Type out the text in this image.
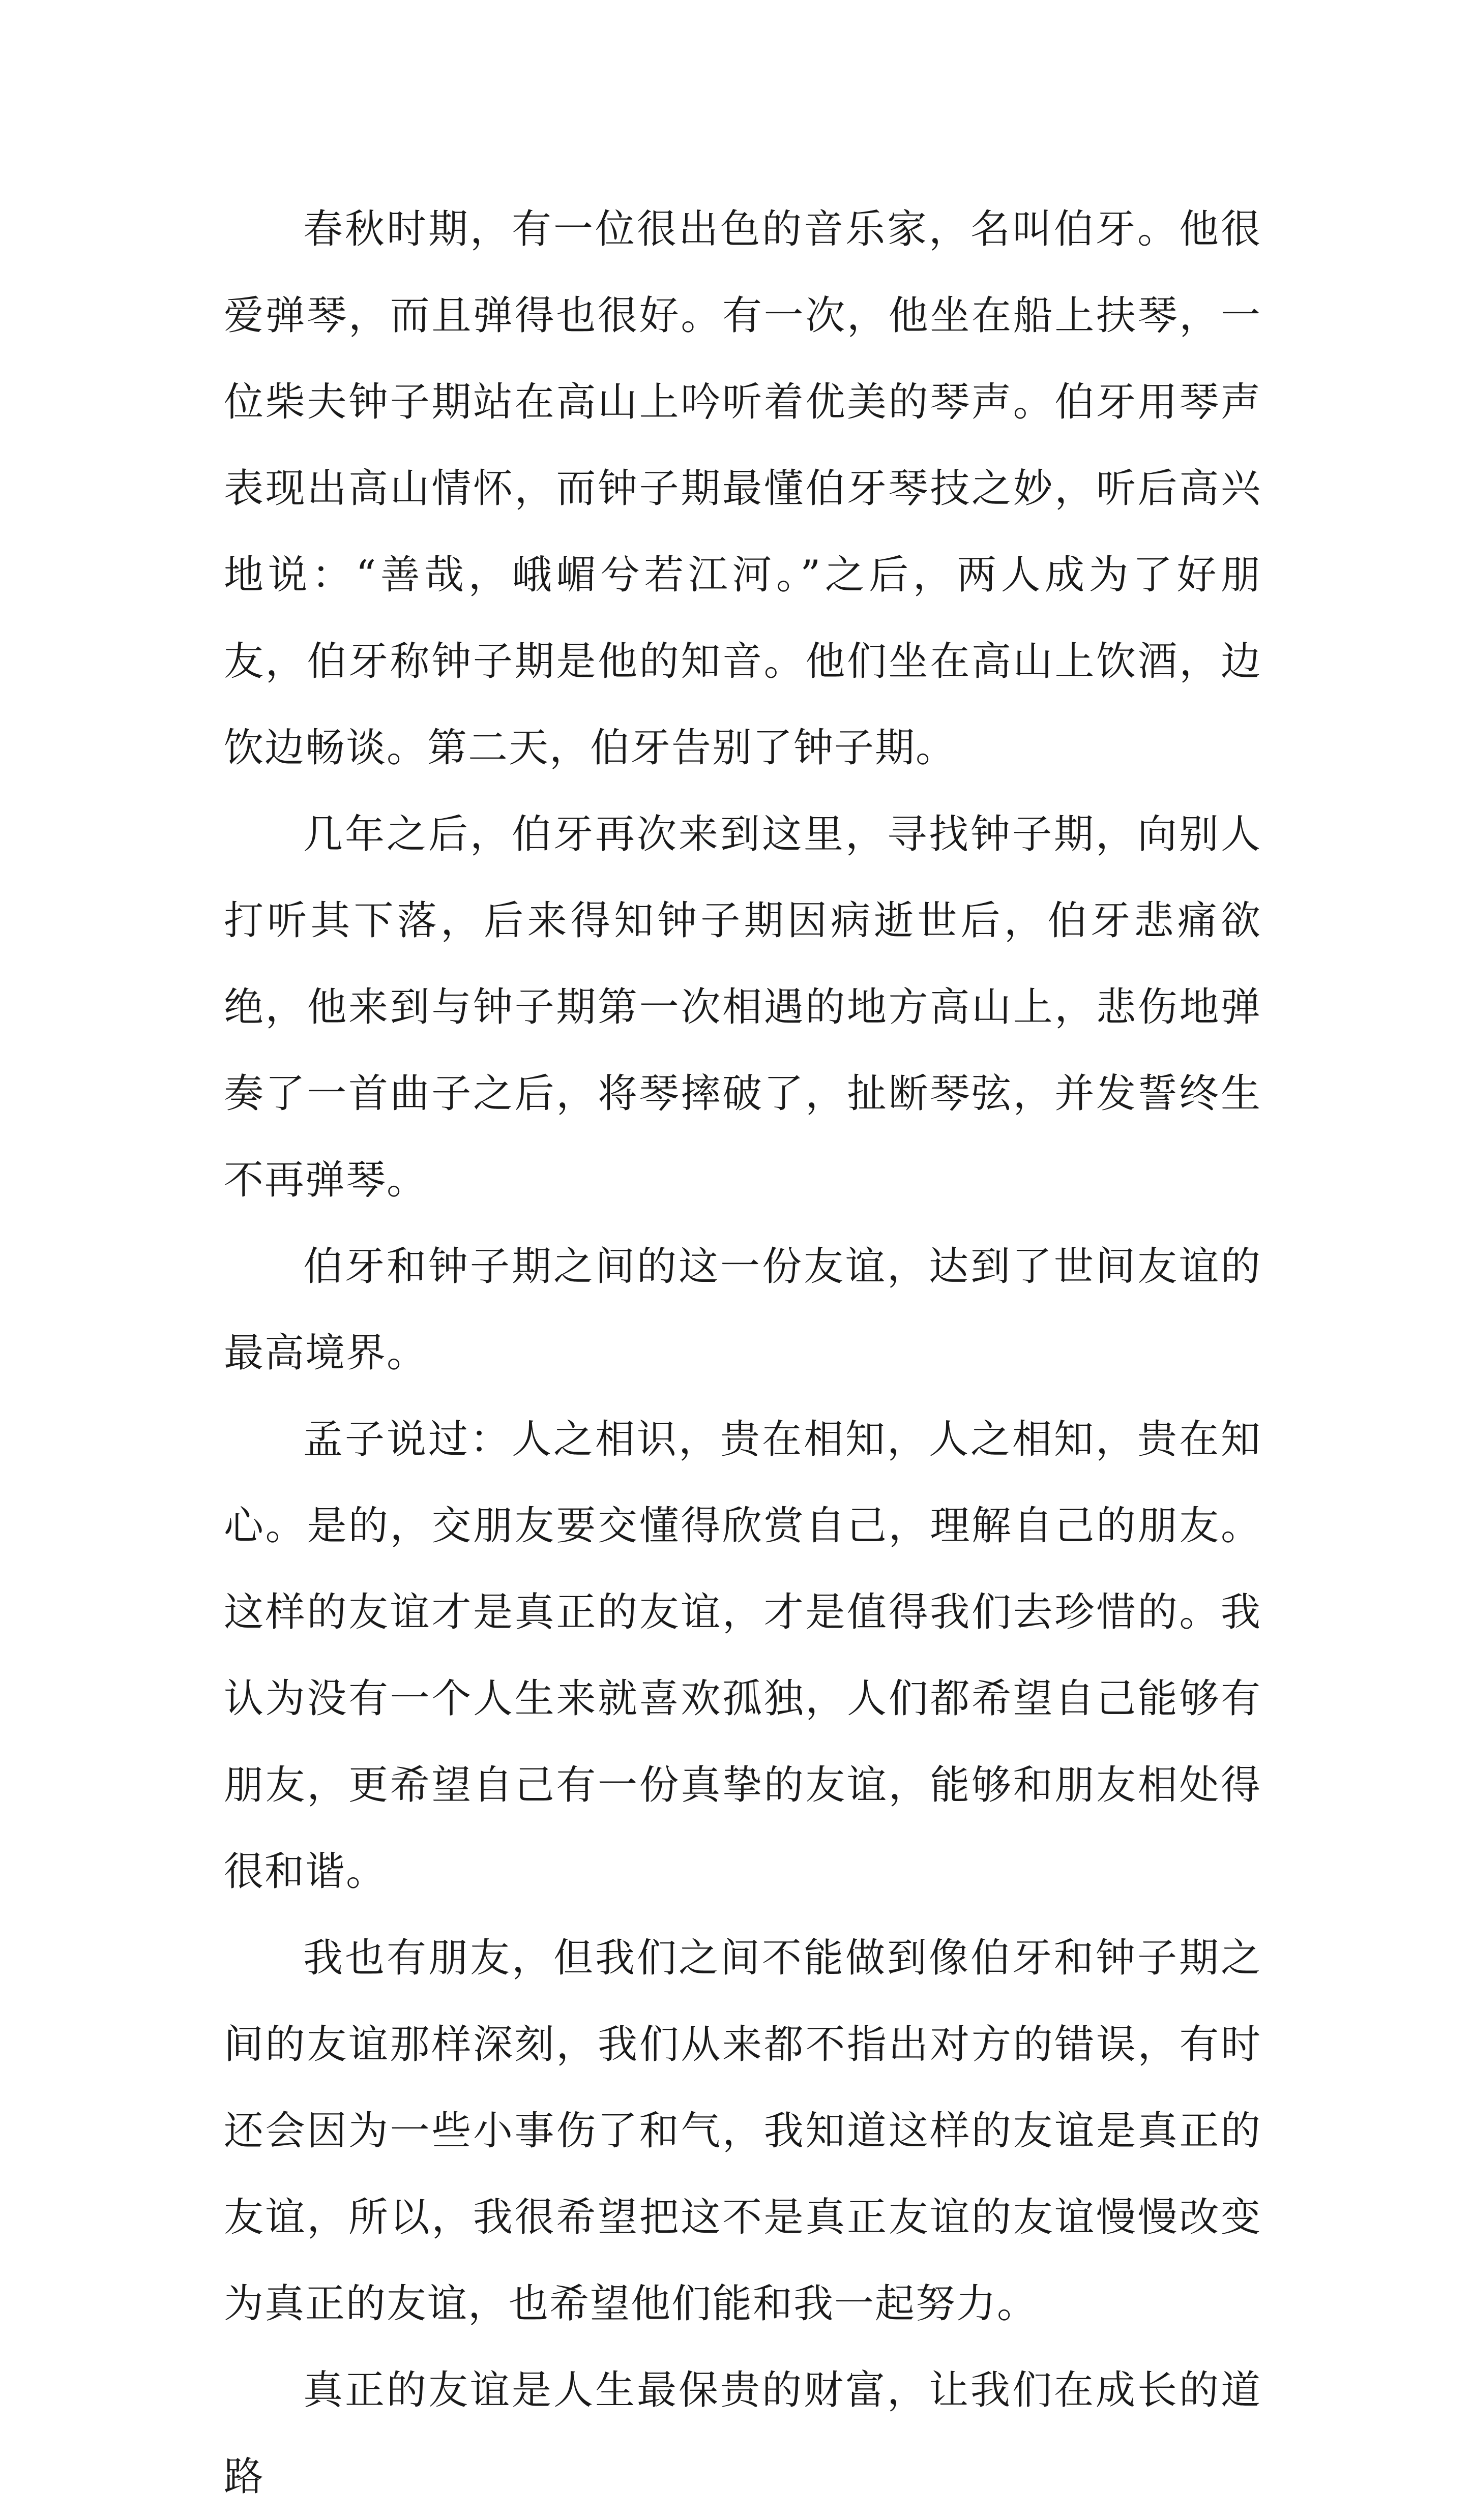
春秋时期，有一位很出色的音乐家，名叫伯牙。他很爱弹琴，而且弹得也很好。有一次，他坐在船上扶琴，一位柴夫钟子期站在高山上吟听着优美的琴声。伯牙用琴声表现出高山情怀，而钟子期最懂伯牙琴技之妙，听后高兴地说：“善哉，峨嵋兮若江河。”之后，两人成为了好朋友，伯牙称钟子期是他的知音。他们坐在高山上饮酒，边饮边畅谈。第二天，伯牙告别了钟子期。

几年之后，伯牙再次来到这里，寻找钟子期，向别人打听其下落，后来得知钟子期因病逝世后，伯牙悲痛欲绝，他来到与钟子期第一次相遇的地方高山上，悲伤地弹奏了一首曲子之后，将琴摔破了，扯断琴弦，并发誓终生不再弹琴。

伯牙和钟子期之间的这一份友谊，达到了世间友谊的最高境界。

孟子说过：人之相识，贵在相知，人之相知，贵在知心。是的，交朋友要交懂得欣赏自己，理解自己的朋友。这样的友谊才是真正的友谊，才是值得我们去珍惜的。我认为没有一个人生来就喜欢孤独，人们都希望自己能够有朋友，更希望自己有一份真挚的友谊，能够和朋友相处得很和谐。

我也有朋友，但我们之间不能做到像伯牙和钟子期之间的友谊那样深刻，我们从来都不指出对方的错误，有时还会因为一些小事伤了和气，我知道这样的友谊是真正的友谊，所以，我很希望把这不是真正友谊的友谊慢慢改变为真正的友谊，也希望他们能和我一起努力。

真正的友谊是人生最保贵的财富，让我们在成长的道路
